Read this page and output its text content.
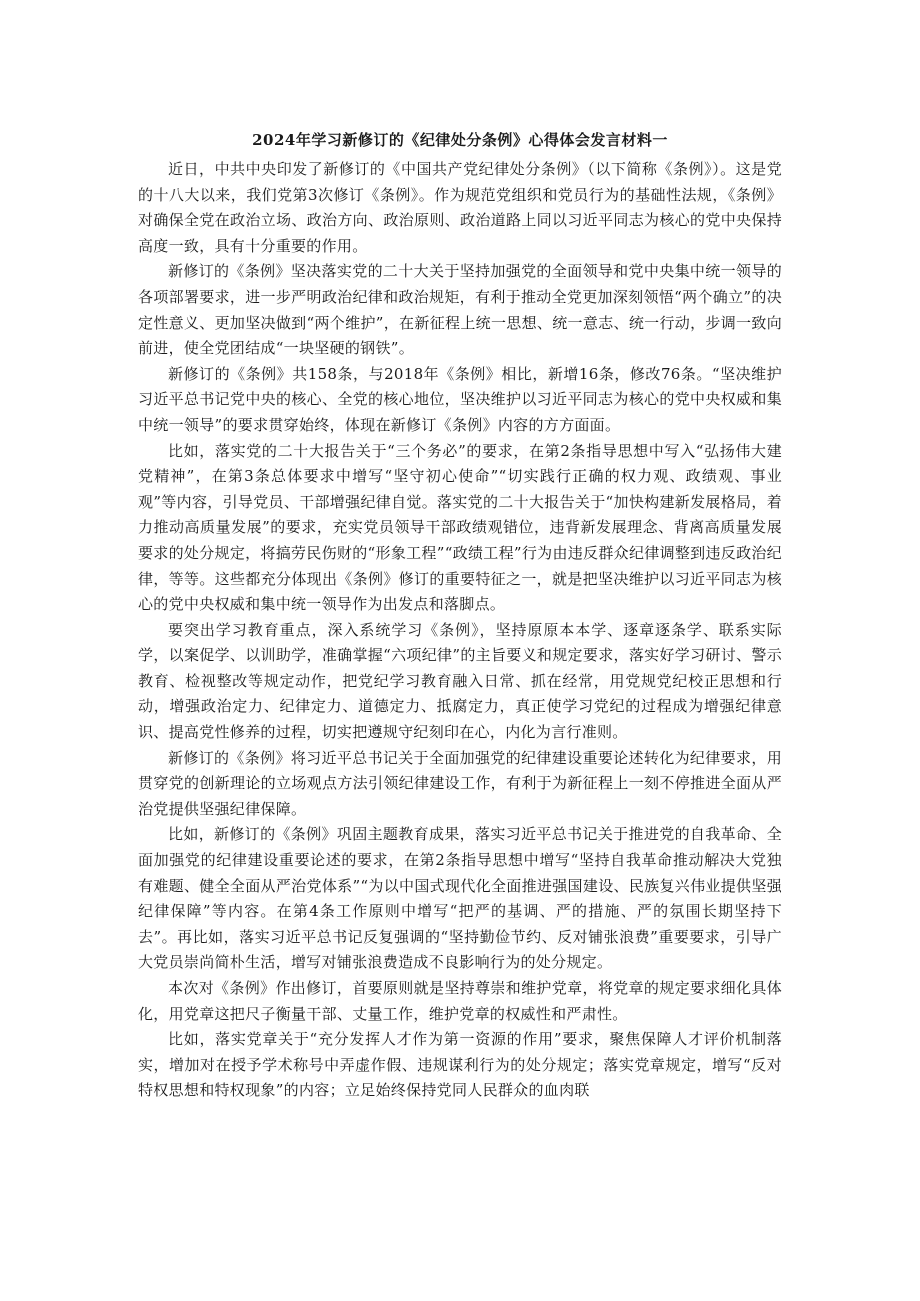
2024年学习新修订的《纪律处分条例》心得体会发言材料一

近日，中共中央印发了新修订的《中国共产党纪律处分条例》（以下简称《条例》）。这是党的十八大以来，我们党第3次修订《条例》。作为规范党组织和党员行为的基础性法规，《条例》对确保全党在政治立场、政治方向、政治原则、政治道路上同以习近平同志为核心的党中央保持高度一致，具有十分重要的作用。

新修订的《条例》坚决落实党的二十大关于坚持加强党的全面领导和党中央集中统一领导的各项部署要求，进一步严明政治纪律和政治规矩，有利于推动全党更加深刻领悟“两个确立”的决定性意义、更加坚决做到“两个维护”，在新征程上统一思想、统一意志、统一行动，步调一致向前进，使全党团结成“一块坚硬的钢铁”。

新修订的《条例》共158条，与2018年《条例》相比，新增16条，修改76条。“坚决维护习近平总书记党中央的核心、全党的核心地位，坚决维护以习近平同志为核心的党中央权威和集中统一领导”的要求贯穿始终，体现在新修订《条例》内容的方方面面。

比如，落实党的二十大报告关于“三个务必”的要求，在第2条指导思想中写入“弘扬伟大建党精神”，在第3条总体要求中增写“坚守初心使命”“切实践行正确的权力观、政绩观、事业观”等内容，引导党员、干部增强纪律自觉。落实党的二十大报告关于“加快构建新发展格局，着力推动高质量发展”的要求，充实党员领导干部政绩观错位，违背新发展理念、背离高质量发展要求的处分规定，将搞劳民伤财的“形象工程”“政绩工程”行为由违反群众纪律调整到违反政治纪律，等等。这些都充分体现出《条例》修订的重要特征之一，就是把坚决维护以习近平同志为核心的党中央权威和集中统一领导作为出发点和落脚点。

要突出学习教育重点，深入系统学习《条例》，坚持原原本本学、逐章逐条学、联系实际学，以案促学、以训助学，准确掌握“六项纪律”的主旨要义和规定要求，落实好学习研讨、警示教育、检视整改等规定动作，把党纪学习教育融入日常、抓在经常，用党规党纪校正思想和行动，增强政治定力、纪律定力、道德定力、抵腐定力，真正使学习党纪的过程成为增强纪律意识、提高党性修养的过程，切实把遵规守纪刻印在心，内化为言行准则。

新修订的《条例》将习近平总书记关于全面加强党的纪律建设重要论述转化为纪律要求，用贯穿党的创新理论的立场观点方法引领纪律建设工作，有利于为新征程上一刻不停推进全面从严治党提供坚强纪律保障。

比如，新修订的《条例》巩固主题教育成果，落实习近平总书记关于推进党的自我革命、全面加强党的纪律建设重要论述的要求，在第2条指导思想中增写“坚持自我革命推动解决大党独有难题、健全全面从严治党体系”“为以中国式现代化全面推进强国建设、民族复兴伟业提供坚强纪律保障”等内容。在第4条工作原则中增写“把严的基调、严的措施、严的氛围长期坚持下去”。再比如，落实习近平总书记反复强调的“坚持勤俭节约、反对铺张浪费”重要要求，引导广大党员崇尚简朴生活，增写对铺张浪费造成不良影响行为的处分规定。

本次对《条例》作出修订，首要原则就是坚持尊崇和维护党章，将党章的规定要求细化具体化，用党章这把尺子衡量干部、丈量工作，维护党章的权威性和严肃性。

比如，落实党章关于“充分发挥人才作为第一资源的作用”要求，聚焦保障人才评价机制落实，增加对在授予学术称号中弄虚作假、违规谋利行为的处分规定；落实党章规定，增写“反对特权思想和特权现象”的内容；立足始终保持党同人民群众的血肉联
